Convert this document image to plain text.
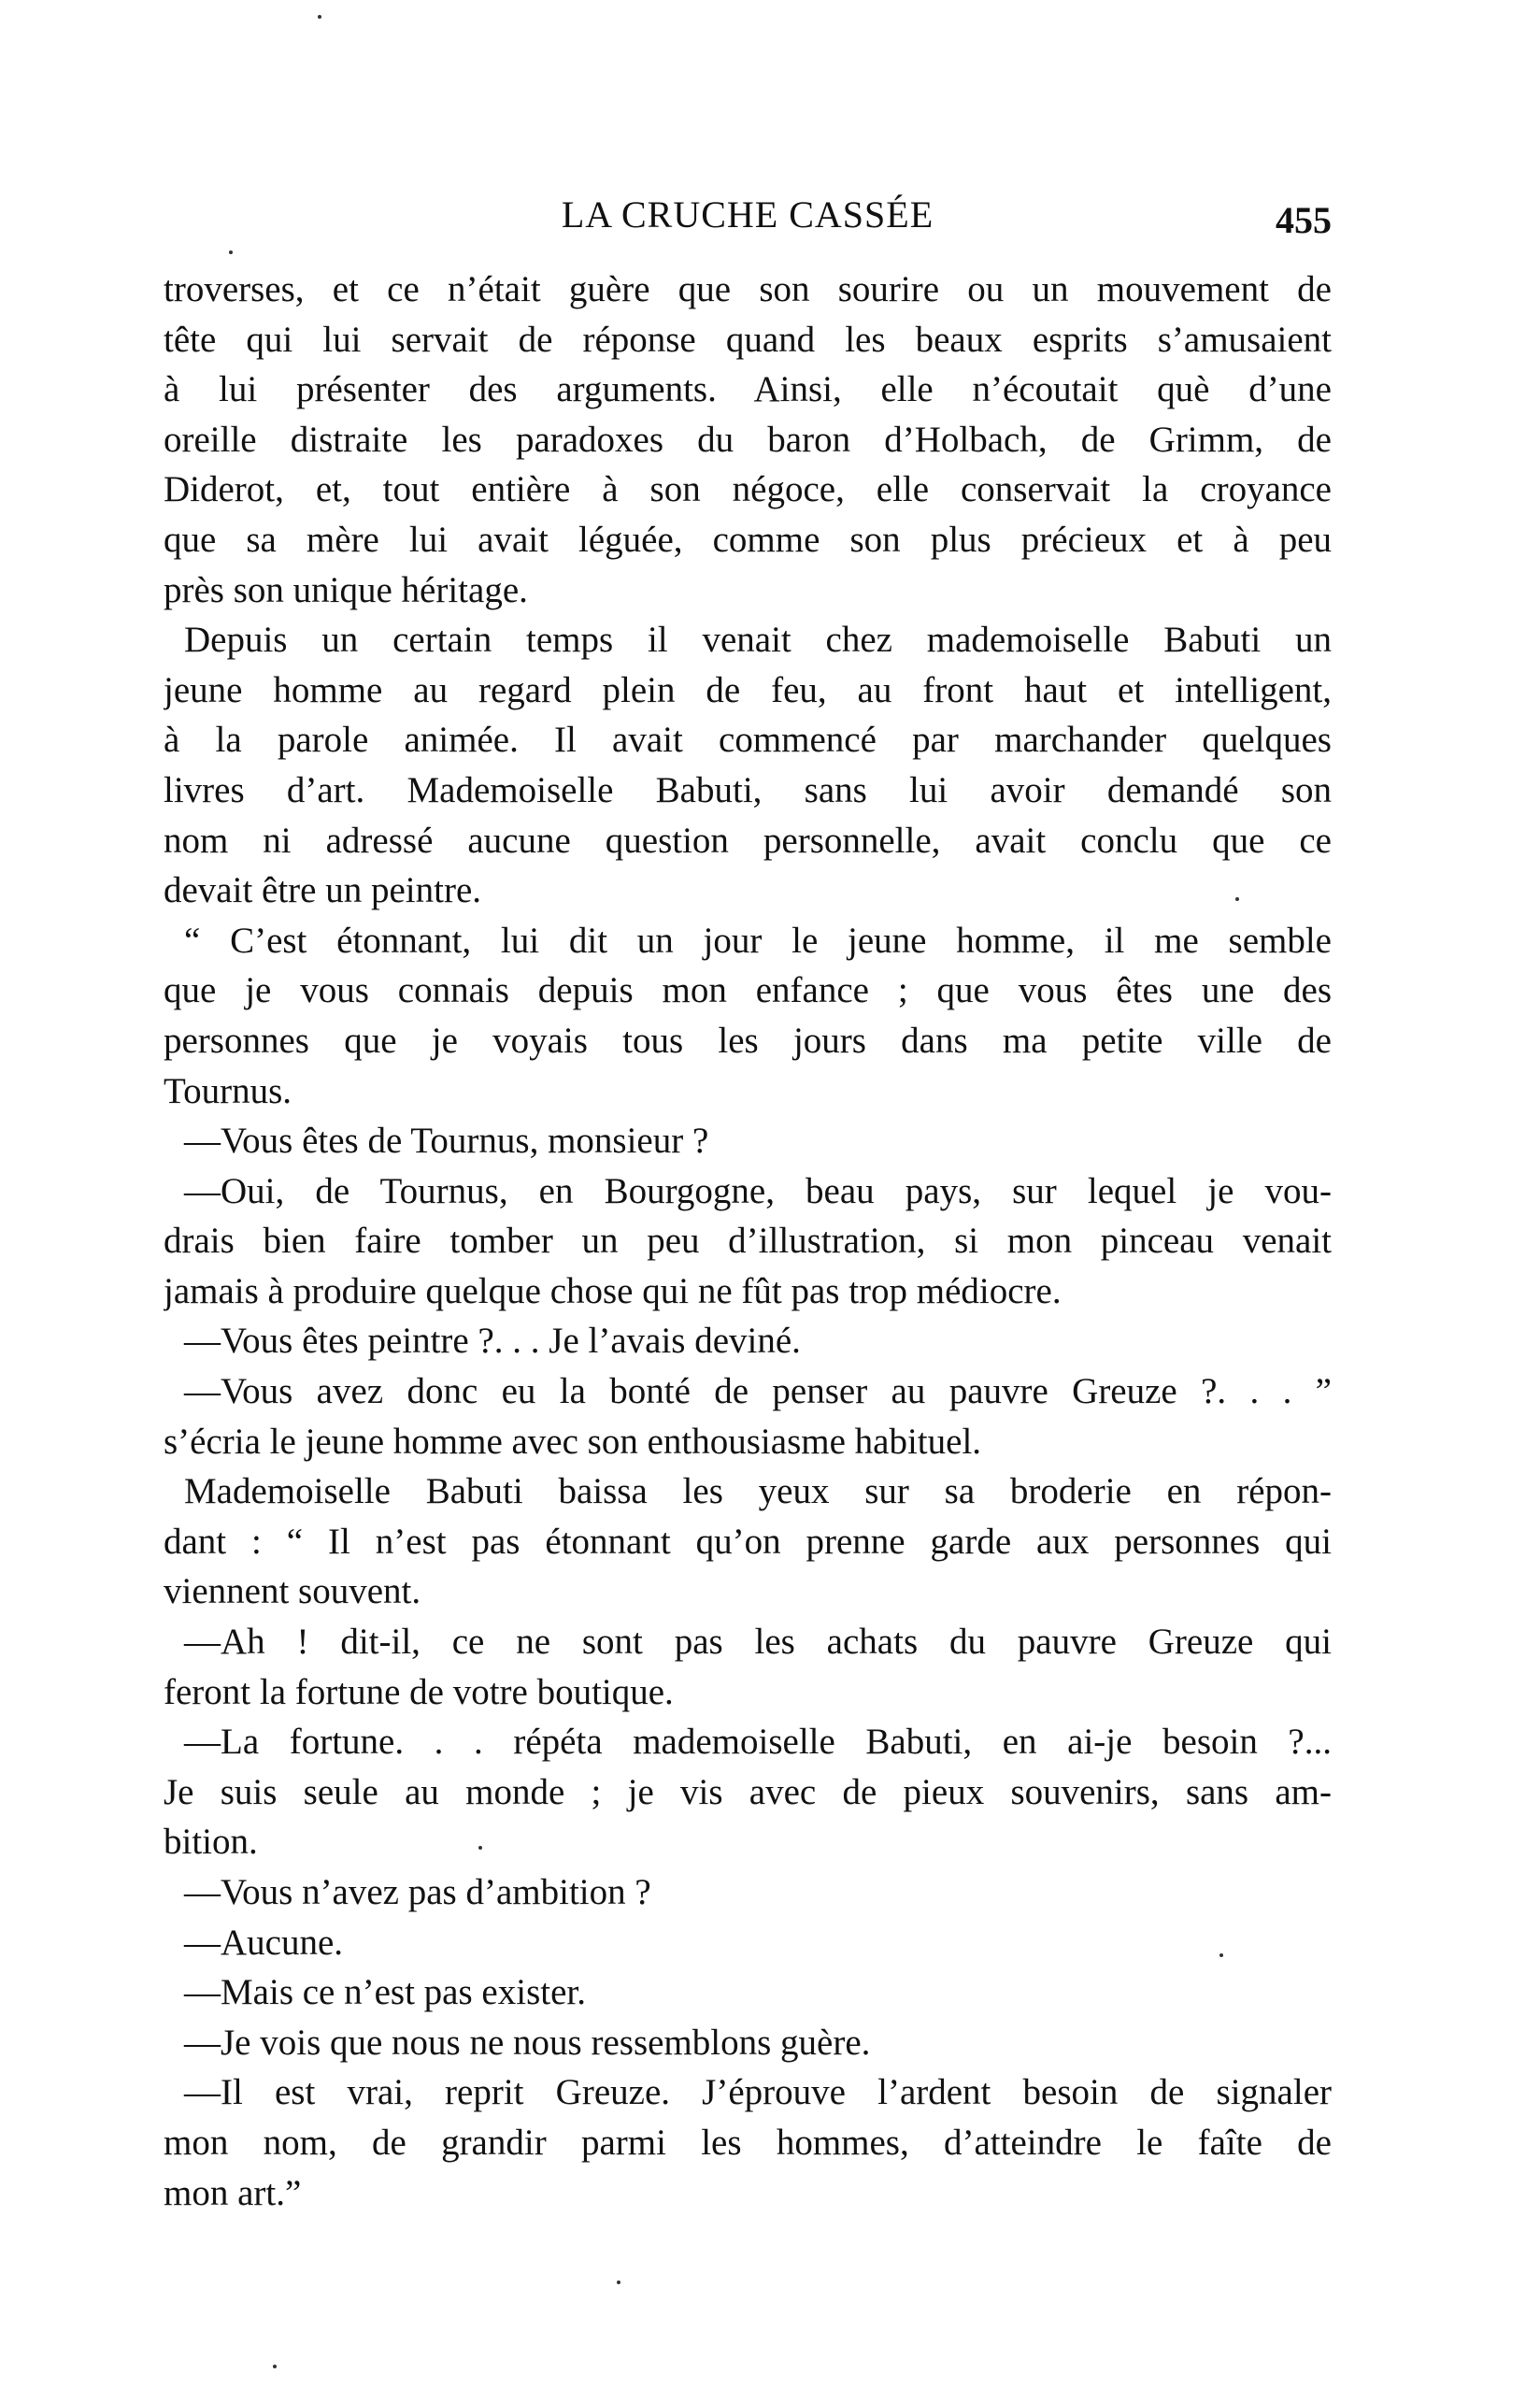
LA CRUCHE CASSÉE	455
troverses, et ce n’était guère que son sourire ou un mouvement de
tête qui lui servait de réponse quand les beaux esprits s’amusaient
à lui présenter des arguments. Ainsi, elle n’écoutait què d’une
oreille distraite les paradoxes du baron d’Holbach, de Grimm, de
Diderot, et, tout entière à son négoce, elle conservait la croyance
que sa mère lui avait léguée, comme son plus précieux et à peu
près son unique héritage.
Depuis un certain temps il venait chez mademoiselle Babuti un
jeune homme au regard plein de feu, au front haut et intelligent,
à la parole animée. Il avait commencé par marchander quelques
livres d’art. Mademoiselle Babuti, sans lui avoir demandé son
nom ni adressé aucune question personnelle, avait conclu que ce
devait être un peintre.
“ C’est étonnant, lui dit un jour le jeune homme, il me semble
que je vous connais depuis mon enfance ; que vous êtes une des
personnes que je voyais tous les jours dans ma petite ville de
Tournus.
—Vous êtes de Tournus, monsieur ?
—Oui, de Tournus, en Bourgogne, beau pays, sur lequel je vou-
drais bien faire tomber un peu d’illustration, si mon pinceau venait
jamais à produire quelque chose qui ne fût pas trop médiocre.
—Vous êtes peintre ?. . . Je l’avais deviné.
—Vous avez donc eu la bonté de penser au pauvre Greuze ?. . . ”
s’écria le jeune homme avec son enthousiasme habituel.
Mademoiselle Babuti baissa les yeux sur sa broderie en répon-
dant : “ Il n’est pas étonnant qu’on prenne garde aux personnes qui
viennent souvent.
—Ah ! dit-il, ce ne sont pas les achats du pauvre Greuze qui
feront la fortune de votre boutique.
—La fortune. . . répéta mademoiselle Babuti, en ai-je besoin ?...
Je suis seule au monde ; je vis avec de pieux souvenirs, sans am-
bition.
—Vous n’avez pas d’ambition ?
—Aucune.
—Mais ce n’est pas exister.
—Je vois que nous ne nous ressemblons guère.
—Il est vrai, reprit Greuze. J’éprouve l’ardent besoin de signaler
mon nom, de grandir parmi les hommes, d’atteindre le faîte de
mon art.”
